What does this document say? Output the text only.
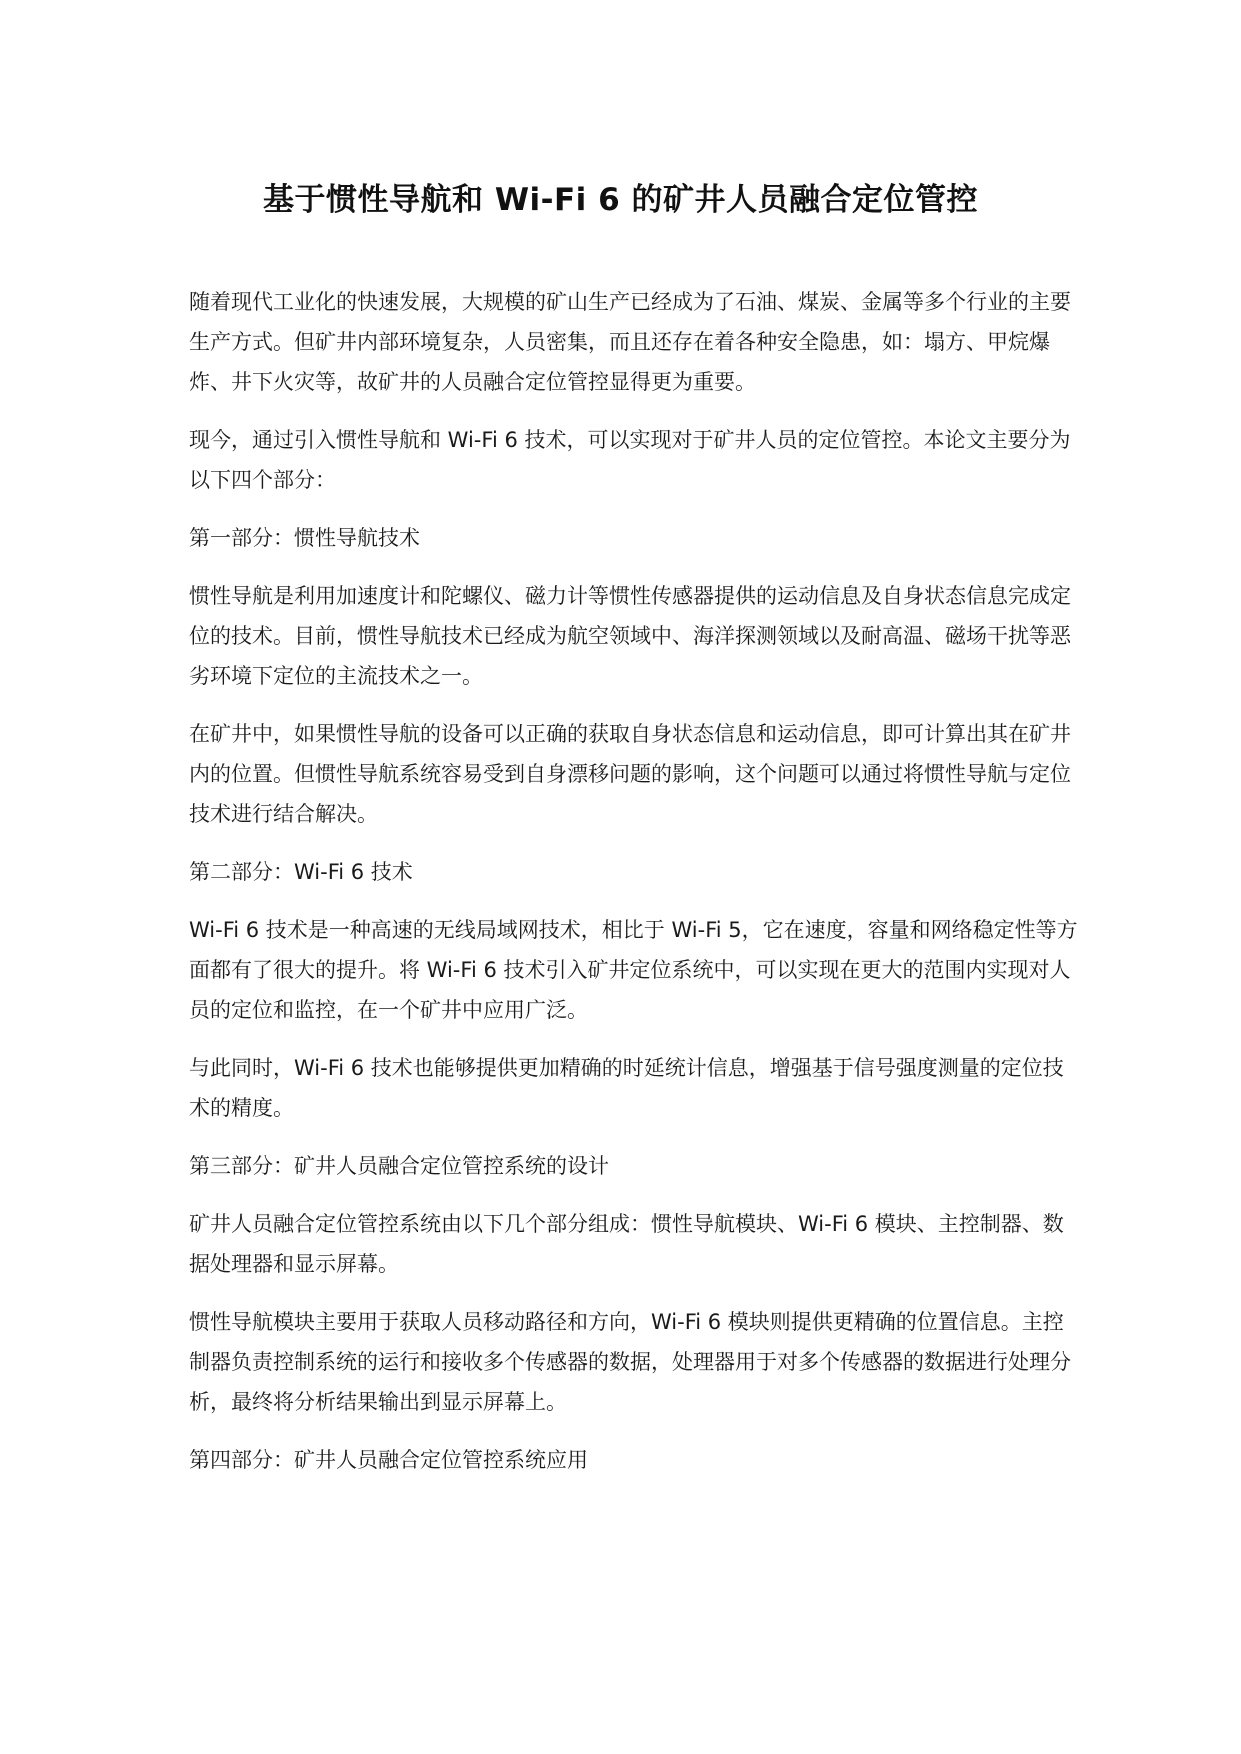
基于惯性导航和 Wi-Fi 6 的矿井人员融合定位管控

随着现代工业化的快速发展，大规模的矿山生产已经成为了石油、煤炭、金属等多个行业的主要生产方式。但矿井内部环境复杂，人员密集，而且还存在着各种安全隐患，如：塌方、甲烷爆炸、井下火灾等，故矿井的人员融合定位管控显得更为重要。

现今，通过引入惯性导航和 Wi-Fi 6 技术，可以实现对于矿井人员的定位管控。本论文主要分为以下四个部分：

第一部分：惯性导航技术

惯性导航是利用加速度计和陀螺仪、磁力计等惯性传感器提供的运动信息及自身状态信息完成定位的技术。目前，惯性导航技术已经成为航空领域中、海洋探测领域以及耐高温、磁场干扰等恶劣环境下定位的主流技术之一。

在矿井中，如果惯性导航的设备可以正确的获取自身状态信息和运动信息，即可计算出其在矿井内的位置。但惯性导航系统容易受到自身漂移问题的影响，这个问题可以通过将惯性导航与定位技术进行结合解决。

第二部分：Wi-Fi 6 技术

Wi-Fi 6 技术是一种高速的无线局域网技术，相比于 Wi-Fi 5，它在速度，容量和网络稳定性等方面都有了很大的提升。将 Wi-Fi 6 技术引入矿井定位系统中，可以实现在更大的范围内实现对人员的定位和监控，在一个矿井中应用广泛。

与此同时，Wi-Fi 6 技术也能够提供更加精确的时延统计信息，增强基于信号强度测量的定位技术的精度。

第三部分：矿井人员融合定位管控系统的设计

矿井人员融合定位管控系统由以下几个部分组成：惯性导航模块、Wi-Fi 6 模块、主控制器、数据处理器和显示屏幕。

惯性导航模块主要用于获取人员移动路径和方向，Wi-Fi 6 模块则提供更精确的位置信息。主控制器负责控制系统的运行和接收多个传感器的数据，处理器用于对多个传感器的数据进行处理分析，最终将分析结果输出到显示屏幕上。

第四部分：矿井人员融合定位管控系统应用
